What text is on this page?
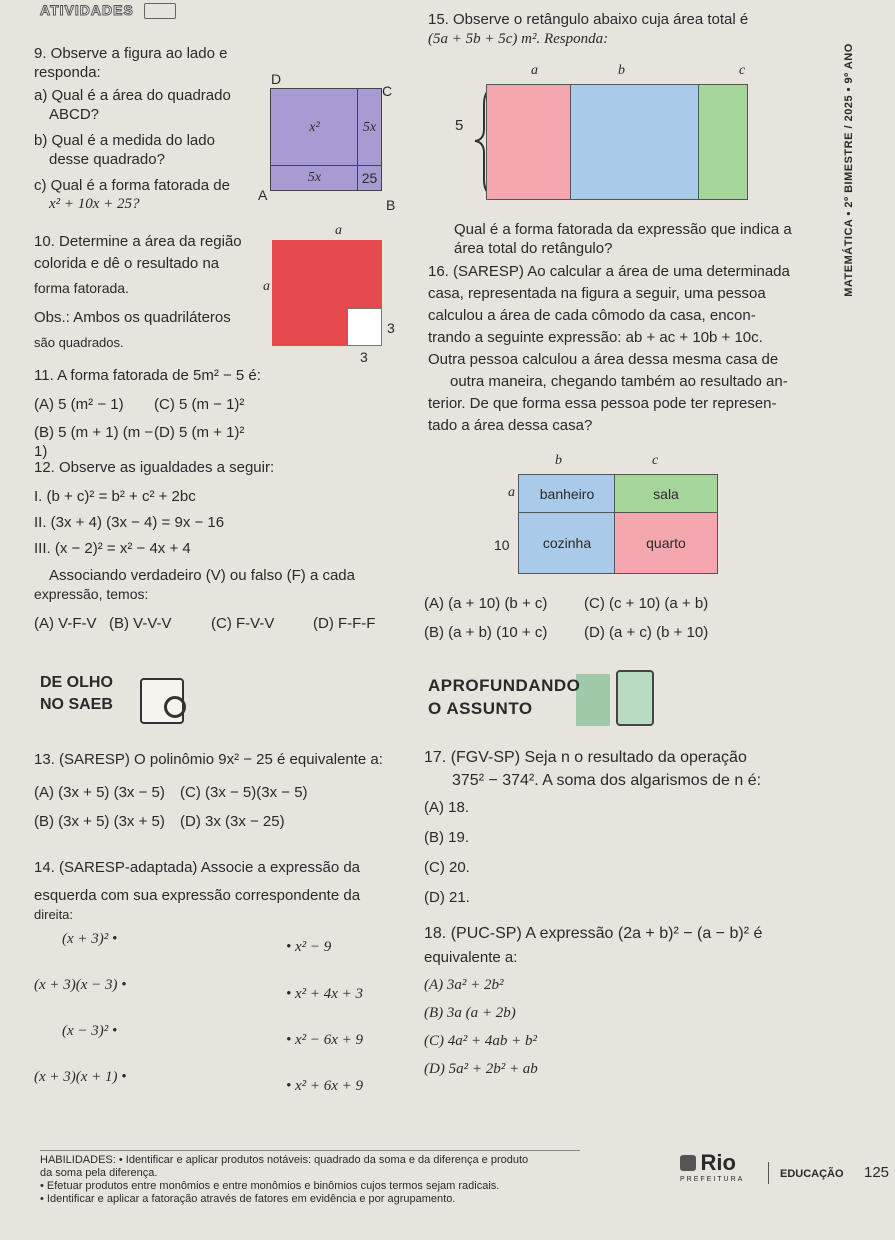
ATIVIDADES
9. Observe a figura ao lado e responda:
a) Qual é a área do quadrado
ABCD?
b) Qual é a medida do lado
desse quadrado?
c) Qual é a forma fatorada de
x² + 10x + 25?
D
C
A
B
x²	5x
5x	25
10. Determine a área da região
colorida e dê o resultado na
forma fatorada.
Obs.: Ambos os quadriláteros
são quadrados.
a
a
3
3
11. A forma fatorada de 5m² − 5 é:
(A) 5 (m² − 1)	(C) 5 (m − 1)²
(B) 5 (m + 1) (m − 1)
(D) 5 (m + 1)²
12. Observe as igualdades a seguir:
I. (b + c)² = b² + c² + 2bc
II. (3x + 4) (3x − 4) = 9x − 16
III. (x − 2)² = x² − 4x + 4
Associando verdadeiro (V) ou falso (F) a cada
expressão, temos:
(A) V-F-V (B) V-V-V	(C) F-V-V	(D) F-F-F
15. Observe o retângulo abaixo cuja área total é
(5a + 5b + 5c) m². Responda:
a	b	c
5
Qual é a forma fatorada da expressão que indica a
área total do retângulo?
16. (SARESP) Ao calcular a área de uma determinada
casa, representada na figura a seguir, uma pessoa
calculou a área de cada cômodo da casa, encon-
trando a seguinte expressão: ab + ac + 10b + 10c.
Outra pessoa calculou a área dessa mesma casa de
outra maneira, chegando também ao resultado an-
terior. De que forma essa pessoa pode ter represen-
tado a área dessa casa?
b	c
a
10
banheiro	sala
cozinha	quarto
(A) (a + 10) (b + c)	(C) (c + 10) (a + b)
(B) (a + b) (10 + c)	(D) (a + c) (b + 10)
DE OLHO
NO SAEB
APROFUNDANDO
O ASSUNTO
13. (SARESP) O polinômio 9x² − 25 é equivalente a:
(A) (3x + 5) (3x − 5)	(C) (3x − 5)(3x − 5)
(B) (3x + 5) (3x + 5)	(D) 3x (3x − 25)
14. (SARESP-adaptada) Associe a expressão da
esquerda com sua expressão correspondente da
direita:
(x + 3)² •
(x + 3)(x − 3) •
(x − 3)² •
(x + 3)(x + 1) •
• x² − 9
• x² + 4x + 3
• x² − 6x + 9
• x² + 6x + 9
17. (FGV-SP) Seja n o resultado da operação
375² − 374². A soma dos algarismos de n é:
(A) 18.
(B) 19.
(C) 20.
(D) 21.
18. (PUC-SP) A expressão (2a + b)² − (a − b)² é
equivalente a:
(A) 3a² + 2b²
(B) 3a (a + 2b)
(C) 4a² + 4ab + b²
(D) 5a² + 2b² + ab
HABILIDADES: • Identificar e aplicar produtos notáveis: quadrado da soma e da diferença e produto
da soma pela diferença.
• Efetuar produtos entre monômios e entre monômios e binômios cujos termos sejam radicais.
• Identificar e aplicar a fatoração através de fatores em evidência e por agrupamento.
Rio
PREFEITURA	EDUCAÇÃO 125
MATEMÁTICA • 2º BIMESTRE / 2025 • 9º ANO
